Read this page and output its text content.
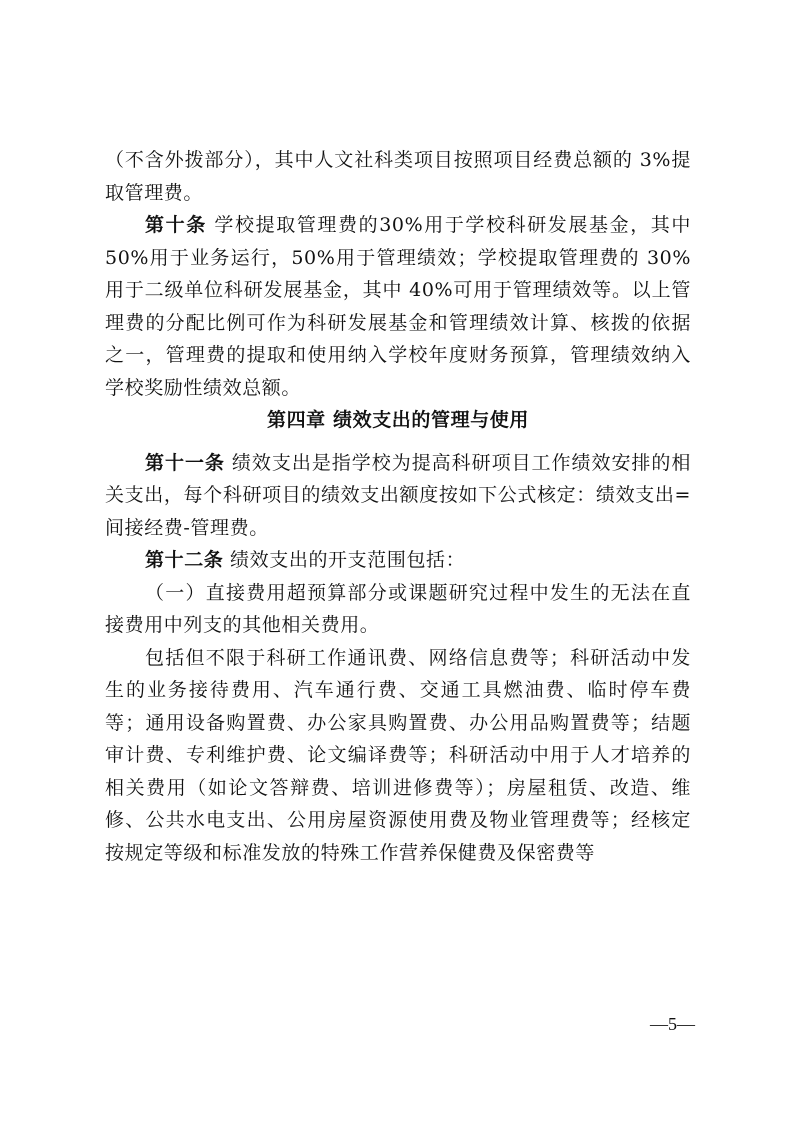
（不含外拨部分），其中人文社科类项目按照项目经费总额的 3%提取管理费。

第十条 学校提取管理费的30%用于学校科研发展基金，其中50%用于业务运行，50%用于管理绩效；学校提取管理费的 30%用于二级单位科研发展基金，其中 40%可用于管理绩效等。以上管理费的分配比例可作为科研发展基金和管理绩效计算、核拨的依据之一，管理费的提取和使用纳入学校年度财务预算，管理绩效纳入学校奖励性绩效总额。

第四章 绩效支出的管理与使用

第十一条 绩效支出是指学校为提高科研项目工作绩效安排的相关支出，每个科研项目的绩效支出额度按如下公式核定：绩效支出=间接经费-管理费。

第十二条 绩效支出的开支范围包括：

（一）直接费用超预算部分或课题研究过程中发生的无法在直接费用中列支的其他相关费用。

包括但不限于科研工作通讯费、网络信息费等；科研活动中发生的业务接待费用、汽车通行费、交通工具燃油费、临时停车费等；通用设备购置费、办公家具购置费、办公用品购置费等；结题审计费、专利维护费、论文编译费等；科研活动中用于人才培养的相关费用（如论文答辩费、培训进修费等）；房屋租赁、改造、维修、公共水电支出、公用房屋资源使用费及物业管理费等；经核定按规定等级和标准发放的特殊工作营养保健费及保密费等

—5—
